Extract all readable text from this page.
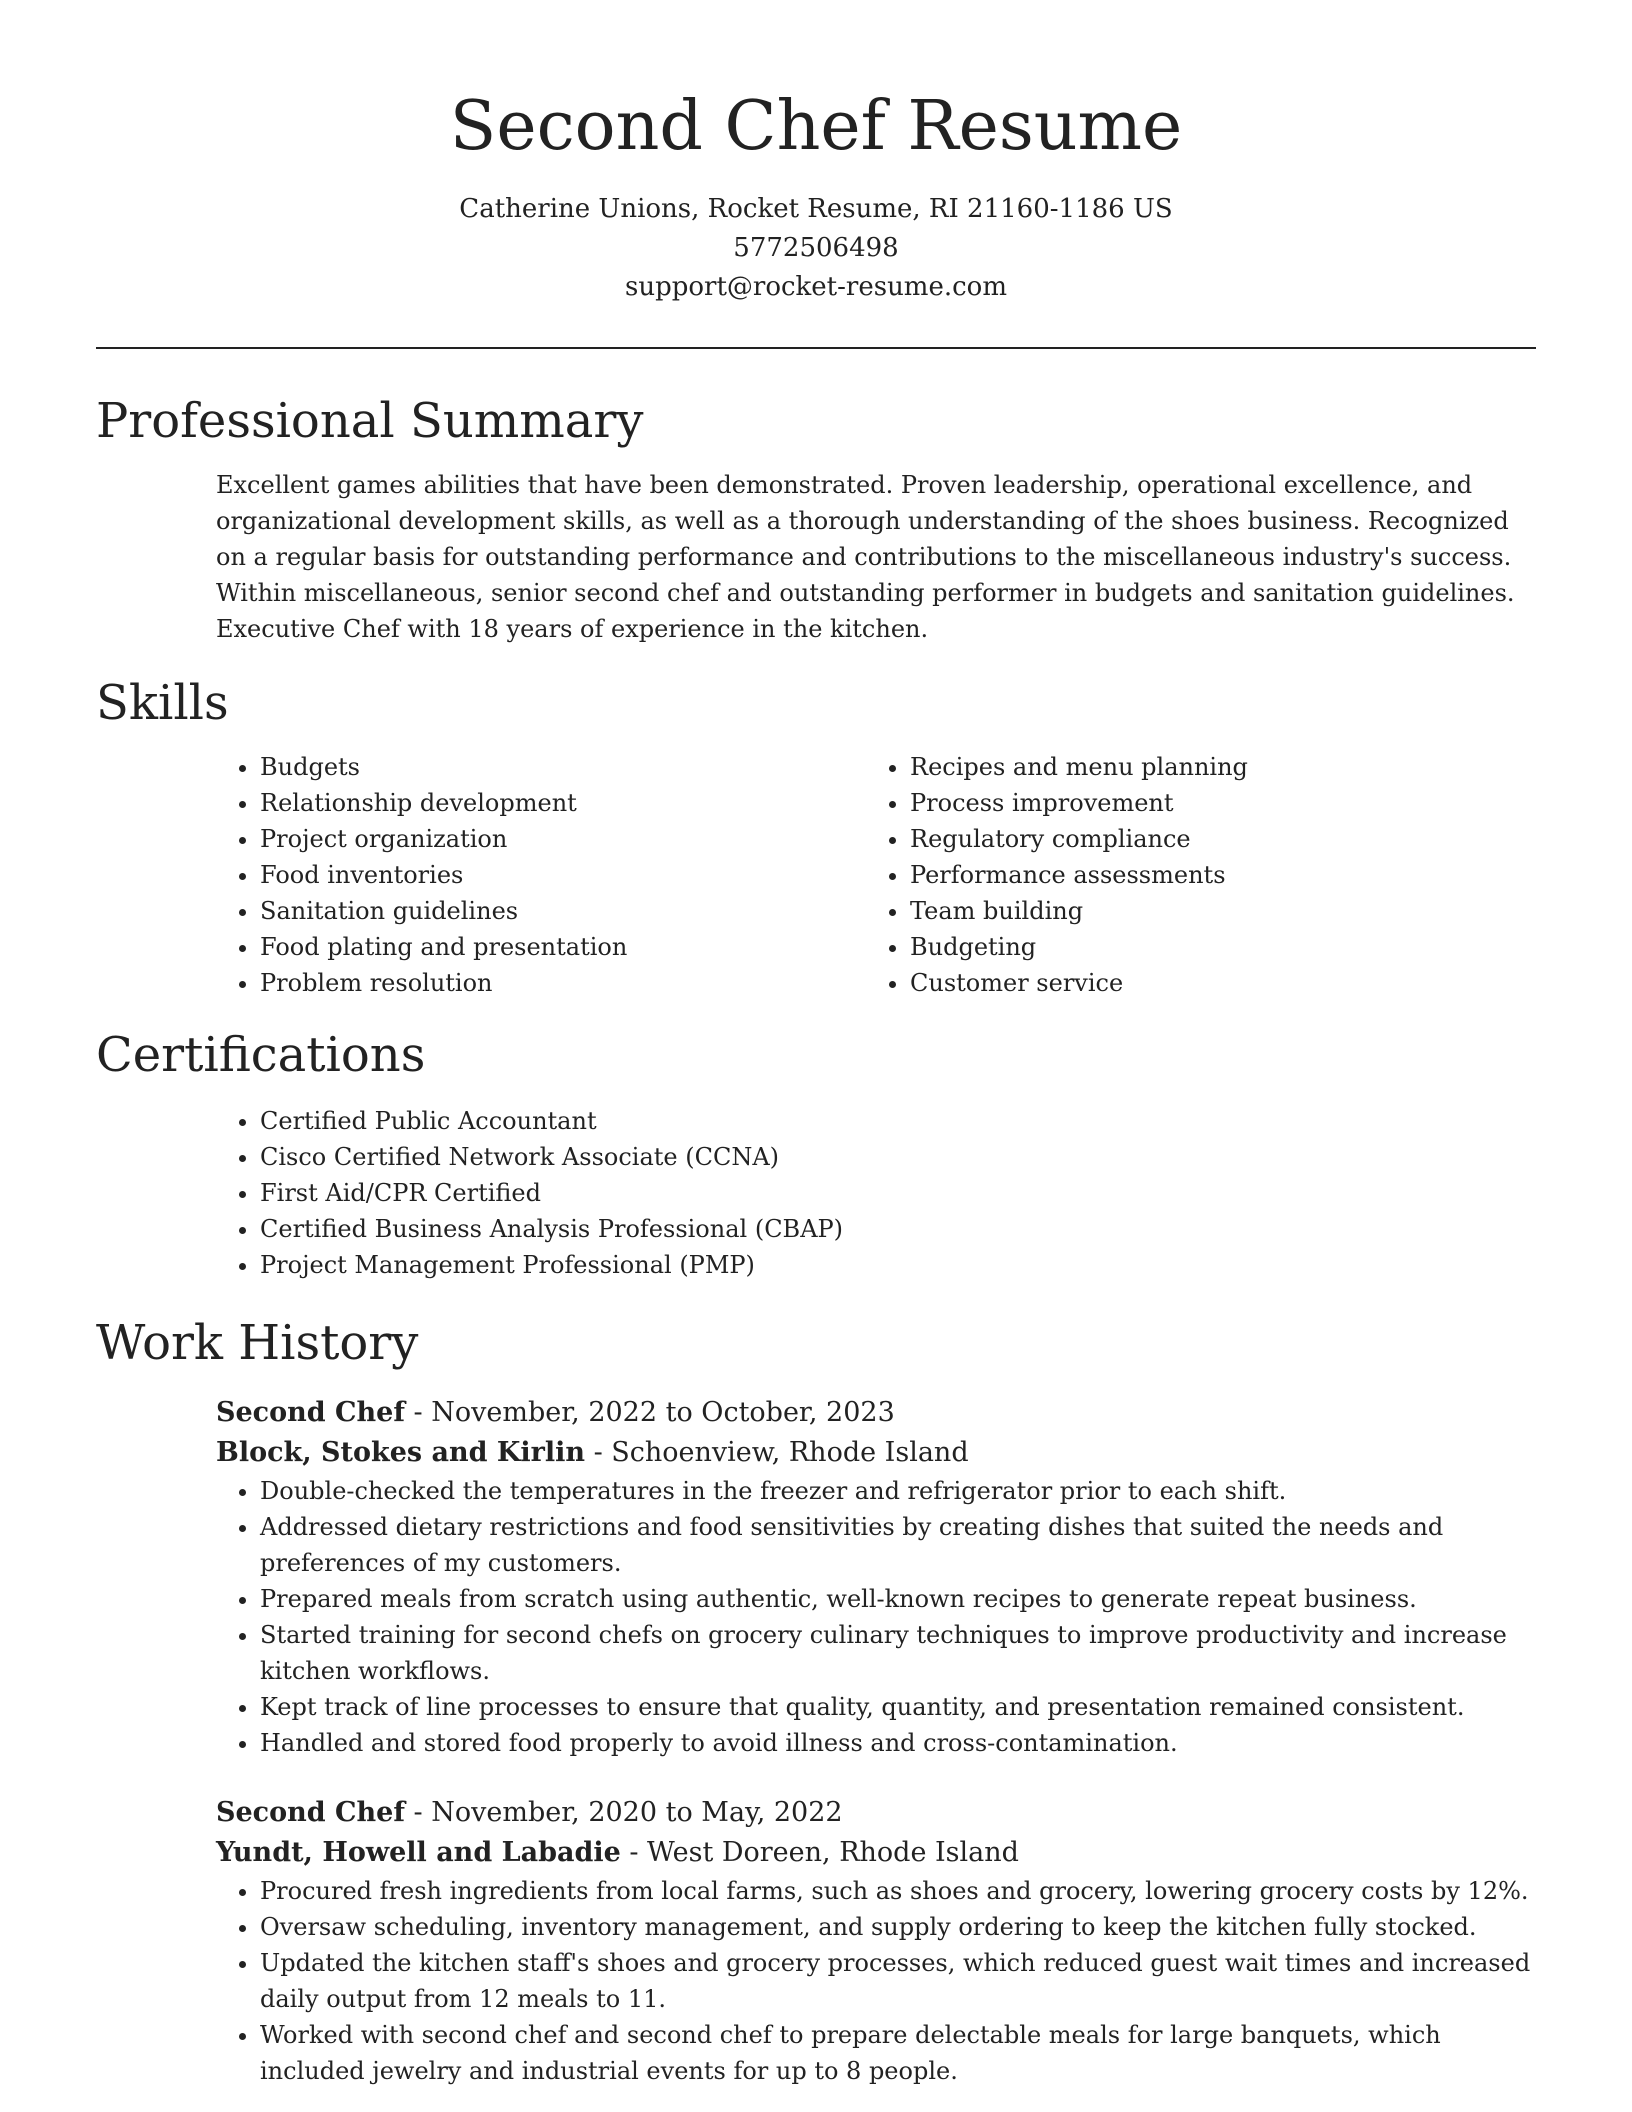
Second Chef Resume
Catherine Unions, Rocket Resume, RI 21160-1186 US
5772506498
support@rocket-resume.com
Professional Summary

Excellent games abilities that have been demonstrated. Proven leadership, operational excellence, and organizational development skills, as well as a thorough understanding of the shoes business. Recognized on a regular basis for outstanding performance and contributions to the miscellaneous industry's success. Within miscellaneous, senior second chef and outstanding performer in budgets and sanitation guidelines. Executive Chef with 18 years of experience in the kitchen.

Skills
• Budgets
• Relationship development
• Project organization
• Food inventories
• Sanitation guidelines
• Food plating and presentation
• Problem resolution
• Recipes and menu planning
• Process improvement
• Regulatory compliance
• Performance assessments
• Team building
• Budgeting
• Customer service
Certifications
• Certified Public Accountant
• Cisco Certified Network Associate (CCNA)
• First Aid/CPR Certified
• Certified Business Analysis Professional (CBAP)
• Project Management Professional (PMP)
Work History
Second Chef - November, 2022 to October, 2023
Block, Stokes and Kirlin - Schoenview, Rhode Island
• Double-checked the temperatures in the freezer and refrigerator prior to each shift.
• Addressed dietary restrictions and food sensitivities by creating dishes that suited the needs and preferences of my customers.
• Prepared meals from scratch using authentic, well-known recipes to generate repeat business.
• Started training for second chefs on grocery culinary techniques to improve productivity and increase kitchen workflows.
• Kept track of line processes to ensure that quality, quantity, and presentation remained consistent.
• Handled and stored food properly to avoid illness and cross-contamination.
Second Chef - November, 2020 to May, 2022
Yundt, Howell and Labadie - West Doreen, Rhode Island
• Procured fresh ingredients from local farms, such as shoes and grocery, lowering grocery costs by 12%.
• Oversaw scheduling, inventory management, and supply ordering to keep the kitchen fully stocked.
• Updated the kitchen staff's shoes and grocery processes, which reduced guest wait times and increased daily output from 12 meals to 11.
• Worked with second chef and second chef to prepare delectable meals for large banquets, which included jewelry and industrial events for up to 8 people.
